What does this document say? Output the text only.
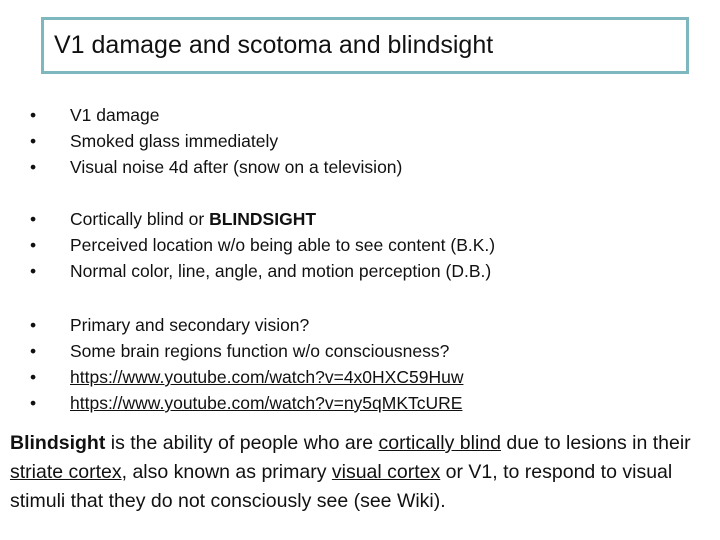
V1 damage and scotoma and blindsight
• V1 damage
• Smoked glass immediately
• Visual noise 4d after (snow on a television)
• Cortically blind or BLINDSIGHT
• Perceived location w/o being able to see content (B.K.)
• Normal color, line, angle, and motion perception (D.B.)
• Primary and secondary vision?
• Some brain regions function w/o consciousness?
• https://www.youtube.com/watch?v=4x0HXC59Huw
• https://www.youtube.com/watch?v=ny5qMKTcURE
Blindsight is the ability of people who are cortically blind due to lesions in their striate cortex, also known as primary visual cortex or V1, to respond to visual stimuli that they do not consciously see (see Wiki).
